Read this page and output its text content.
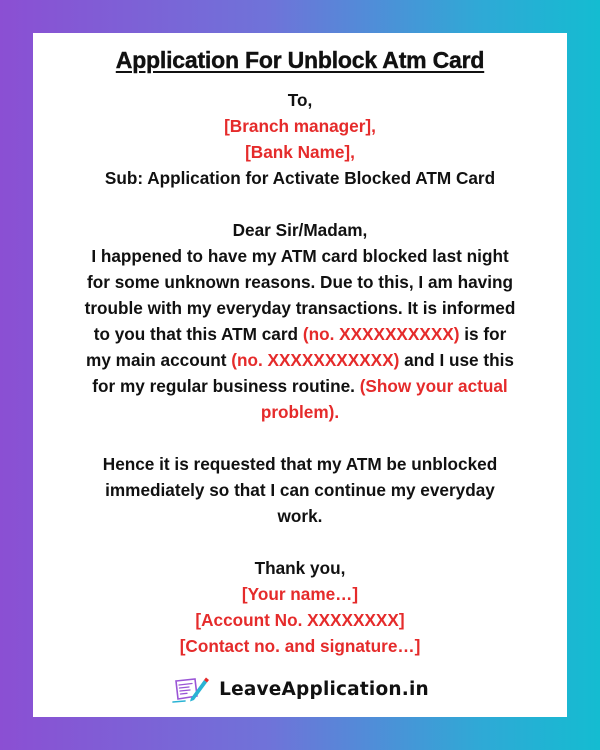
Application For Unblock Atm Card
To,
[Branch manager],
[Bank Name],
Sub: Application for Activate Blocked ATM Card
Dear Sir/Madam,
I happened to have my ATM card blocked last night
for some unknown reasons. Due to this, I am having
trouble with my everyday transactions. It is informed
to you that this ATM card (no. XXXXXXXXXX) is for
my main account (no. XXXXXXXXXXX) and I use this
for my regular business routine. (Show your actual
problem).
Hence it is requested that my ATM be unblocked
immediately so that I can continue my everyday
work.
Thank you,
[Your name…]
[Account No. XXXXXXXX]
[Contact no. and signature…]
LeaveApplication.in
